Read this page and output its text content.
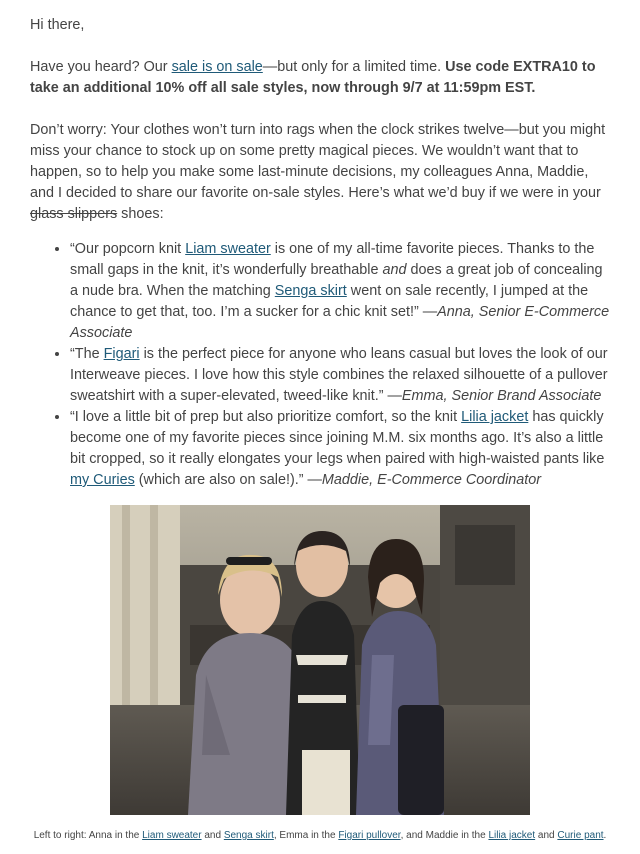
Hi there,

Have you heard? Our sale is on sale—but only for a limited time. Use code EXTRA10 to take an additional 10% off all sale styles, now through 9/7 at 11:59pm EST.

Don’t worry: Your clothes won’t turn into rags when the clock strikes twelve—but you might miss your chance to stock up on some pretty magical pieces. We wouldn’t want that to happen, so to help you make some last-minute decisions, my colleagues Anna, Maddie, and I decided to share our favorite on-sale styles. Here’s what we’d buy if we were in your glass slippers shoes:

• “Our popcorn knit Liam sweater is one of my all-time favorite pieces. Thanks to the small gaps in the knit, it’s wonderfully breathable and does a great job of concealing a nude bra. When the matching Senga skirt went on sale recently, I jumped at the chance to get that, too. I’m a sucker for a chic knit set!” —Anna, Senior E-Commerce Associate
• “The Figari is the perfect piece for anyone who leans casual but loves the look of our Interweave pieces. I love how this style combines the relaxed silhouette of a pullover sweatshirt with a super-elevated, tweed-like knit.” —Emma, Senior Brand Associate
• “I love a little bit of prep but also prioritize comfort, so the knit Lilia jacket has quickly become one of my favorite pieces since joining M.M. six months ago. It’s also a little bit cropped, so it really elongates your legs when paired with high-waisted pants like my Curies (which are also on sale!).” —Maddie, E-Commerce Coordinator
Left to right: Anna in the Liam sweater and Senga skirt, Emma in the Figari pullover, and Maddie in the Lilia jacket and Curie pant.
